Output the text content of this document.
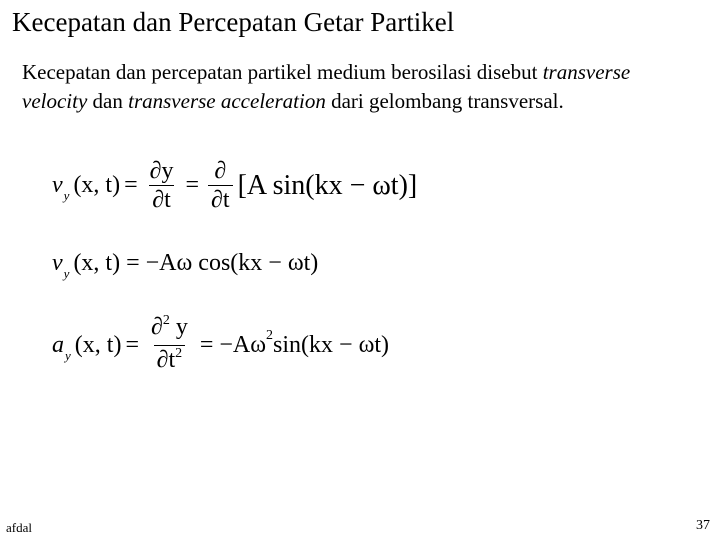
Kecepatan dan Percepatan Getar Partikel
Kecepatan dan percepatan partikel medium berosilasi disebut transverse velocity dan transverse acceleration dari gelombang transversal.
v y (x, $t) = \frac{\partial y}{\partial t} = \frac{\partial}{\partial t} [A$ sin(kx − ωt)]
v y (x, t) = −Aω cos(kx − ωt)
a y (x, $t) = \frac{\partial^2 y}{\partial t^2} = -A\omega$ 2 sin(kx − ωt)
afdal	37
